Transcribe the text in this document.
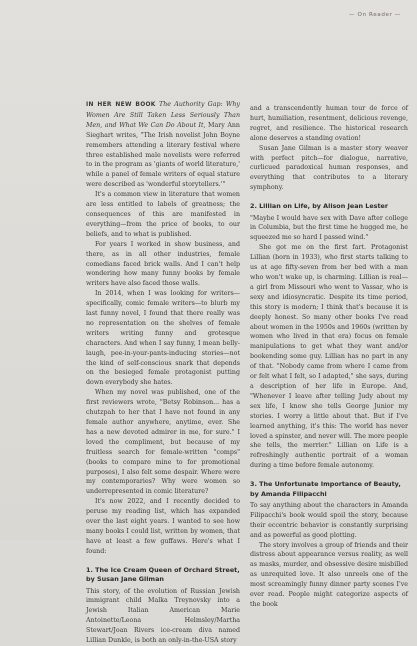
— On Reader —

IN HER NEW BOOK The Authority Gap: Why Women Are Still Taken Less Seriously Than Men, and What We Can Do About It, Mary Ann Sieghart writes, "The Irish novelist John Boyne remembers attending a literary festival where three established male novelists were referred to in the program as 'giants of world literature,' while a panel of female writers of equal stature were described as 'wonderful storytellers.'"

It's a common view in literature that women are less entitled to labels of greatness; the consequences of this are manifested in everything—from the price of books, to our beliefs, and to what is published.

For years I worked in show business, and there, as in all other industries, female comedians faced brick walls. And I can't help wondering how many funny books by female writers have also faced those walls.

In 2014, when I was looking for writers—specifically, comic female writers—to blurb my last funny novel, I found that there really was no representation on the shelves of female writers writing funny and grotesque characters. And when I say funny, I mean belly-laugh, pee-in-your-pants-inducing stories—not the kind of self-conscious snark that depends on the besieged female protagonist putting down everybody she hates.

When my novel was published, one of the first reviewers wrote, "Betsy Robinson... has a chutzpah to her that I have not found in any female author anywhere, anytime, ever. She has a new devoted admirer in me, for sure." I loved the compliment, but because of my fruitless search for female-written "comps" (books to compare mine to for promotional purposes), I also felt some despair. Where were my contemporaries? Why were women so underrepresented in comic literature?

It's now 2022, and I recently decided to peruse my reading list, which has expanded over the last eight years. I wanted to see how many books I could list, written by women, that have at least a few guffaws. Here's what I found:

1. The Ice Cream Queen of Orchard Street, by Susan Jane Gilman

This story, of the evolution of Russian Jewish immigrant child Malka Treynovsky into a Jewish Italian American Marie Antoinette/Leona Helmsley/Martha Stewart/Joan Rivers ice-cream diva named Lillian Dunkle, is both an only-in-the-USA story

and a transcendently human tour de force of hurt, humiliation, resentment, delicious revenge, regret, and resilience. The historical research alone deserves a standing ovation!

Susan Jane Gilman is a master story weaver with perfect pitch—for dialogue, narrative, curlicued paradoxical human responses, and everything that contributes to a literary symphony.

2. Lillian on Life, by Alison Jean Lester

"Maybe I would have sex with Dave after college in Columbia, but the first time he hugged me, he squeezed me so hard I passed wind."

She got me on the first fart. Protagonist Lillian (born in 1933), who first starts talking to us at age fifty-seven from her bed with a man who won't wake up, is charming. Lillian is real—a girl from Missouri who went to Vassar, who is sexy and idiosyncratic. Despite its time period, this story is modern; I think that's because it is deeply honest. So many other books I've read about women in the 1950s and 1960s (written by women who lived in that era) focus on female manipulations to get what they want and/or bookending some guy. Lillian has no part in any of that. "Nobody came from where I came from or felt what I felt, so I adapted," she says, during a description of her life in Europe. And, "Whenever I leave after telling Judy about my sex life, I know she tells George Junior my stories. I worry a little about that. But if I've learned anything, it's this: The world has never loved a spinster, and never will. The more people she tells, the merrier." Lillian on Life is a refreshingly authentic portrait of a woman during a time before female autonomy.

3. The Unfortunate Importance of Beauty, by Amanda Filipacchi

To say anything about the characters in Amanda Filipacchi's book would spoil the story, because their eccentric behavior is constantly surprising and as powerful as good plotting.

The story involves a group of friends and their distress about appearance versus reality, as well as masks, murder, and obsessive desire misbilled as unrequited love. It also unreels one of the most screamingly funny dinner party scenes I've ever read. People might categorize aspects of the book
